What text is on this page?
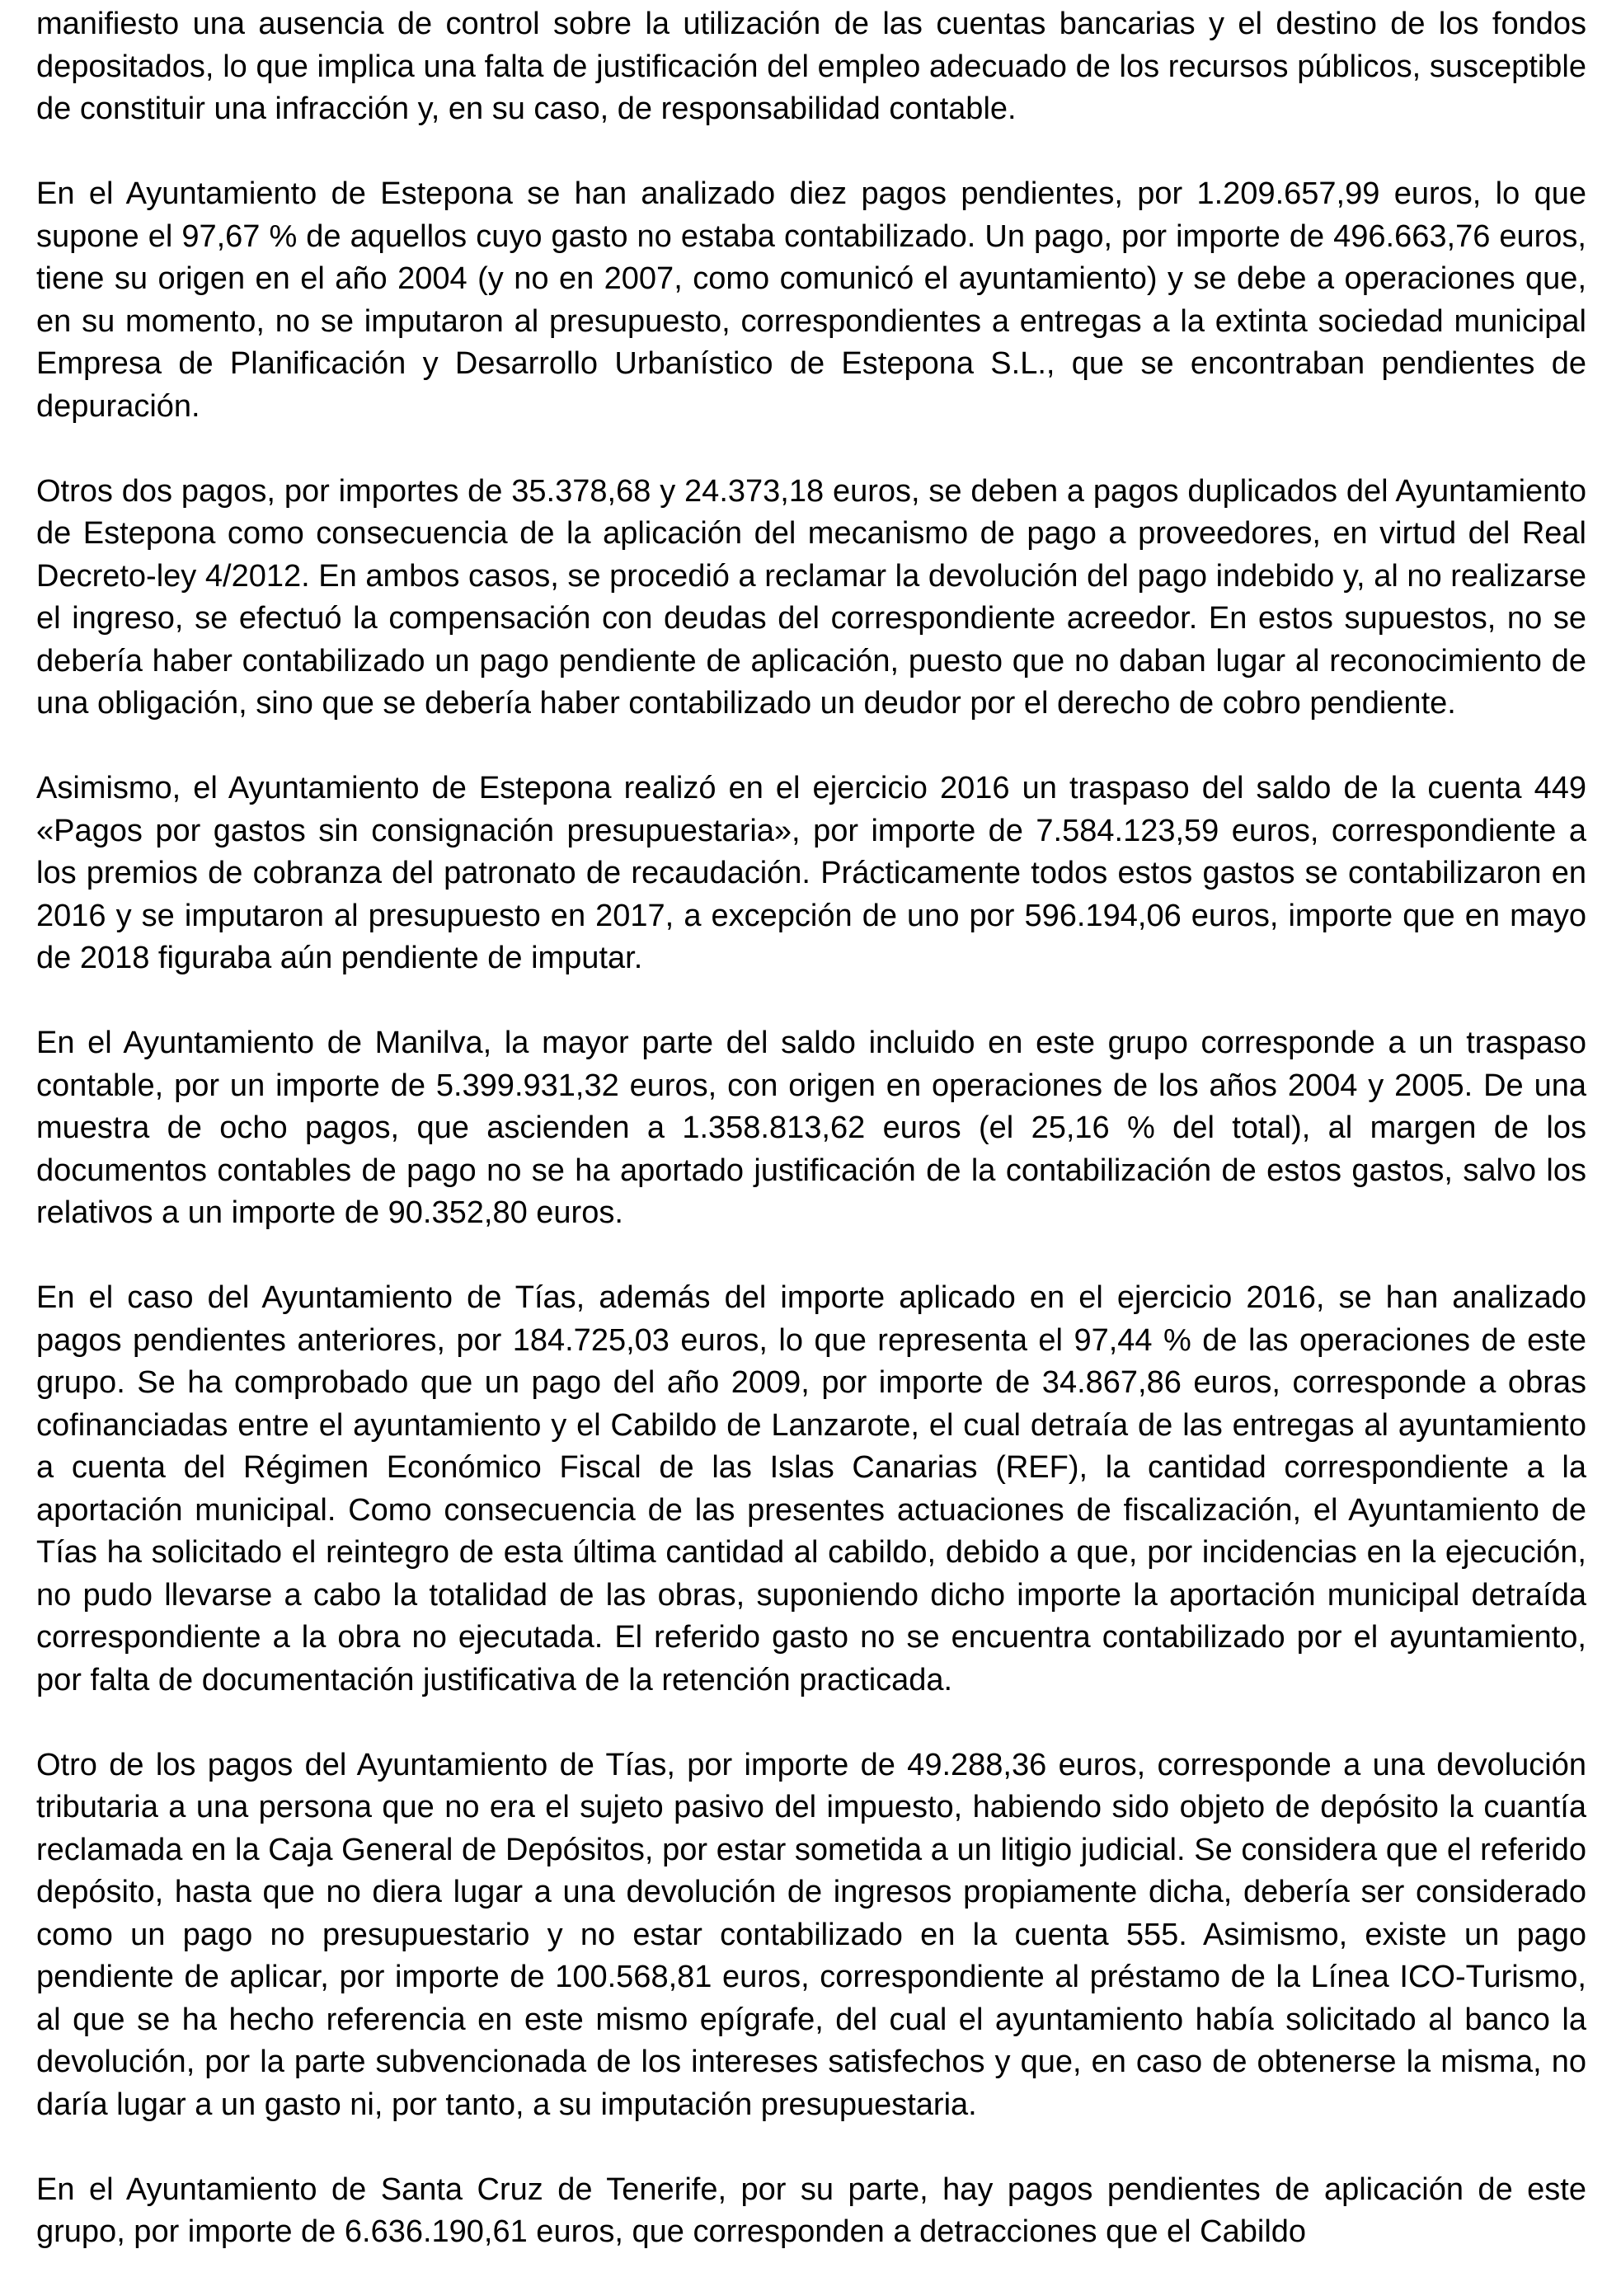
manifiesto una ausencia de control sobre la utilización de las cuentas bancarias y el destino de los fondos depositados, lo que implica una falta de justificación del empleo adecuado de los recursos públicos, susceptible de constituir una infracción y, en su caso, de responsabilidad contable.

En el Ayuntamiento de Estepona se han analizado diez pagos pendientes, por 1.209.657,99 euros, lo que supone el 97,67 % de aquellos cuyo gasto no estaba contabilizado. Un pago, por importe de 496.663,76 euros, tiene su origen en el año 2004 (y no en 2007, como comunicó el ayuntamiento) y se debe a operaciones que, en su momento, no se imputaron al presupuesto, correspondientes a entregas a la extinta sociedad municipal Empresa de Planificación y Desarrollo Urbanístico de Estepona S.L., que se encontraban pendientes de depuración.

Otros dos pagos, por importes de 35.378,68 y 24.373,18 euros, se deben a pagos duplicados del Ayuntamiento de Estepona como consecuencia de la aplicación del mecanismo de pago a proveedores, en virtud del Real Decreto-ley 4/2012. En ambos casos, se procedió a reclamar la devolución del pago indebido y, al no realizarse el ingreso, se efectuó la compensación con deudas del correspondiente acreedor. En estos supuestos, no se debería haber contabilizado un pago pendiente de aplicación, puesto que no daban lugar al reconocimiento de una obligación, sino que se debería haber contabilizado un deudor por el derecho de cobro pendiente.

Asimismo, el Ayuntamiento de Estepona realizó en el ejercicio 2016 un traspaso del saldo de la cuenta 449 «Pagos por gastos sin consignación presupuestaria», por importe de 7.584.123,59 euros, correspondiente a los premios de cobranza del patronato de recaudación. Prácticamente todos estos gastos se contabilizaron en 2016 y se imputaron al presupuesto en 2017, a excepción de uno por 596.194,06 euros, importe que en mayo de 2018 figuraba aún pendiente de imputar.

En el Ayuntamiento de Manilva, la mayor parte del saldo incluido en este grupo corresponde a un traspaso contable, por un importe de 5.399.931,32 euros, con origen en operaciones de los años 2004 y 2005. De una muestra de ocho pagos, que ascienden a 1.358.813,62 euros (el 25,16 % del total), al margen de los documentos contables de pago no se ha aportado justificación de la contabilización de estos gastos, salvo los relativos a un importe de 90.352,80 euros.

En el caso del Ayuntamiento de Tías, además del importe aplicado en el ejercicio 2016, se han analizado pagos pendientes anteriores, por 184.725,03 euros, lo que representa el 97,44 % de las operaciones de este grupo. Se ha comprobado que un pago del año 2009, por importe de 34.867,86 euros, corresponde a obras cofinanciadas entre el ayuntamiento y el Cabildo de Lanzarote, el cual detraía de las entregas al ayuntamiento a cuenta del Régimen Económico Fiscal de las Islas Canarias (REF), la cantidad correspondiente a la aportación municipal. Como consecuencia de las presentes actuaciones de fiscalización, el Ayuntamiento de Tías ha solicitado el reintegro de esta última cantidad al cabildo, debido a que, por incidencias en la ejecución, no pudo llevarse a cabo la totalidad de las obras, suponiendo dicho importe la aportación municipal detraída correspondiente a la obra no ejecutada. El referido gasto no se encuentra contabilizado por el ayuntamiento, por falta de documentación justificativa de la retención practicada.

Otro de los pagos del Ayuntamiento de Tías, por importe de 49.288,36 euros, corresponde a una devolución tributaria a una persona que no era el sujeto pasivo del impuesto, habiendo sido objeto de depósito la cuantía reclamada en la Caja General de Depósitos, por estar sometida a un litigio judicial. Se considera que el referido depósito, hasta que no diera lugar a una devolución de ingresos propiamente dicha, debería ser considerado como un pago no presupuestario y no estar contabilizado en la cuenta 555. Asimismo, existe un pago pendiente de aplicar, por importe de 100.568,81 euros, correspondiente al préstamo de la Línea ICO-Turismo, al que se ha hecho referencia en este mismo epígrafe, del cual el ayuntamiento había solicitado al banco la devolución, por la parte subvencionada de los intereses satisfechos y que, en caso de obtenerse la misma, no daría lugar a un gasto ni, por tanto, a su imputación presupuestaria.

En el Ayuntamiento de Santa Cruz de Tenerife, por su parte, hay pagos pendientes de aplicación de este grupo, por importe de 6.636.190,61 euros, que corresponden a detracciones que el Cabildo
